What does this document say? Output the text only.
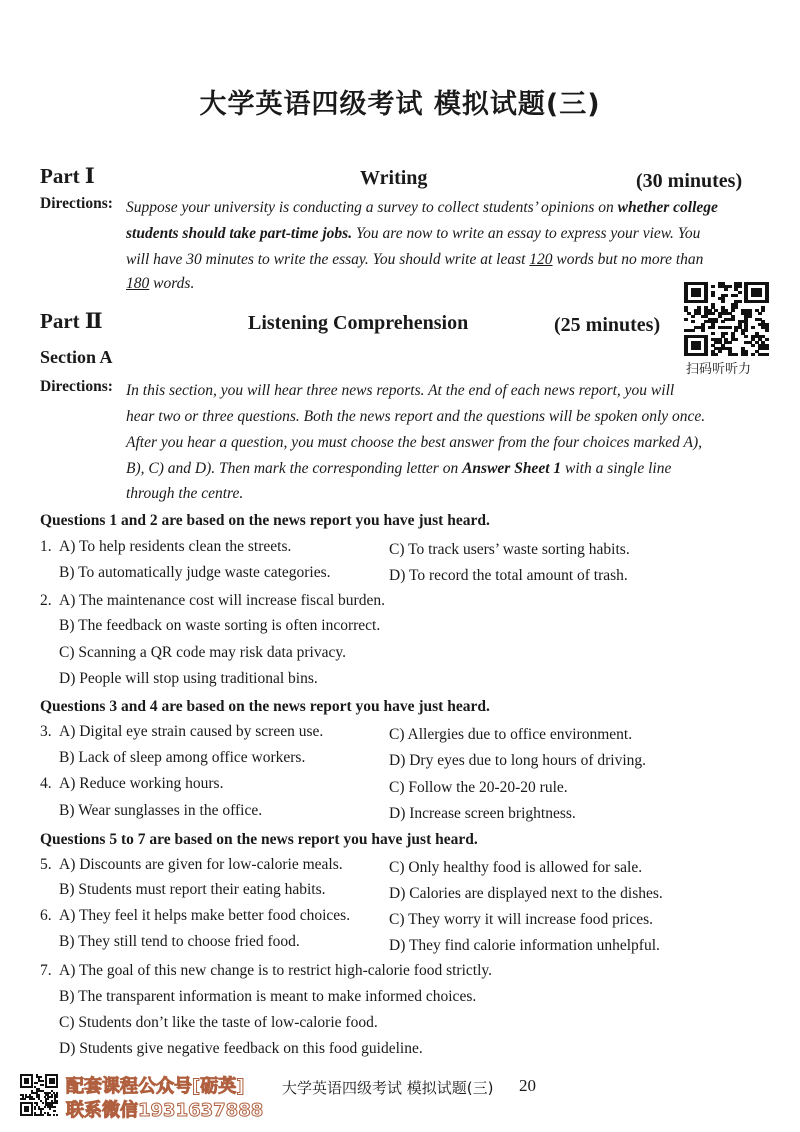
大学英语四级考试 模拟试题(三)
Part Ⅰ	Writing	(30 minutes)
Directions: Suppose your university is conducting a survey to collect students’ opinions on whether college
students should take part-time jobs. You are now to write an essay to express your view. You
will have 30 minutes to write the essay. You should write at least 120 words but no more than
180 words.
Part Ⅱ	Listening Comprehension	(25 minutes)
扫码听听力
Section A
Directions: In this section, you will hear three news reports. At the end of each news report, you will
hear two or three questions. Both the news report and the questions will be spoken only once.
After you hear a question, you must choose the best answer from the four choices marked A),
B), C) and D). Then mark the corresponding letter on Answer Sheet 1 with a single line
through the centre.
Questions 1 and 2 are based on the news report you have just heard.
1. A) To help residents clean the streets.	C) To track users’ waste sorting habits.
B) To automatically judge waste categories.	D) To record the total amount of trash.
2. A) The maintenance cost will increase fiscal burden.
B) The feedback on waste sorting is often incorrect.
C) Scanning a QR code may risk data privacy.
D) People will stop using traditional bins.
Questions 3 and 4 are based on the news report you have just heard.
3. A) Digital eye strain caused by screen use.	C) Allergies due to office environment.
B) Lack of sleep among office workers.	D) Dry eyes due to long hours of driving.
4. A) Reduce working hours.	C) Follow the 20-20-20 rule.
B) Wear sunglasses in the office.	D) Increase screen brightness.
Questions 5 to 7 are based on the news report you have just heard.
5. A) Discounts are given for low-calorie meals.	C) Only healthy food is allowed for sale.
B) Students must report their eating habits.	D) Calories are displayed next to the dishes.
6. A) They feel it helps make better food choices.	C) They worry it will increase food prices.
B) They still tend to choose fried food.	D) They find calorie information unhelpful.
7. A) The goal of this new change is to restrict high-calorie food strictly.
B) The transparent information is meant to make informed choices.
C) Students don’t like the taste of low-calorie food.
D) Students give negative feedback on this food guideline.
配套课程公众号[砺英]
联系微信1931637888
大学英语四级考试 模拟试题(三) 20
